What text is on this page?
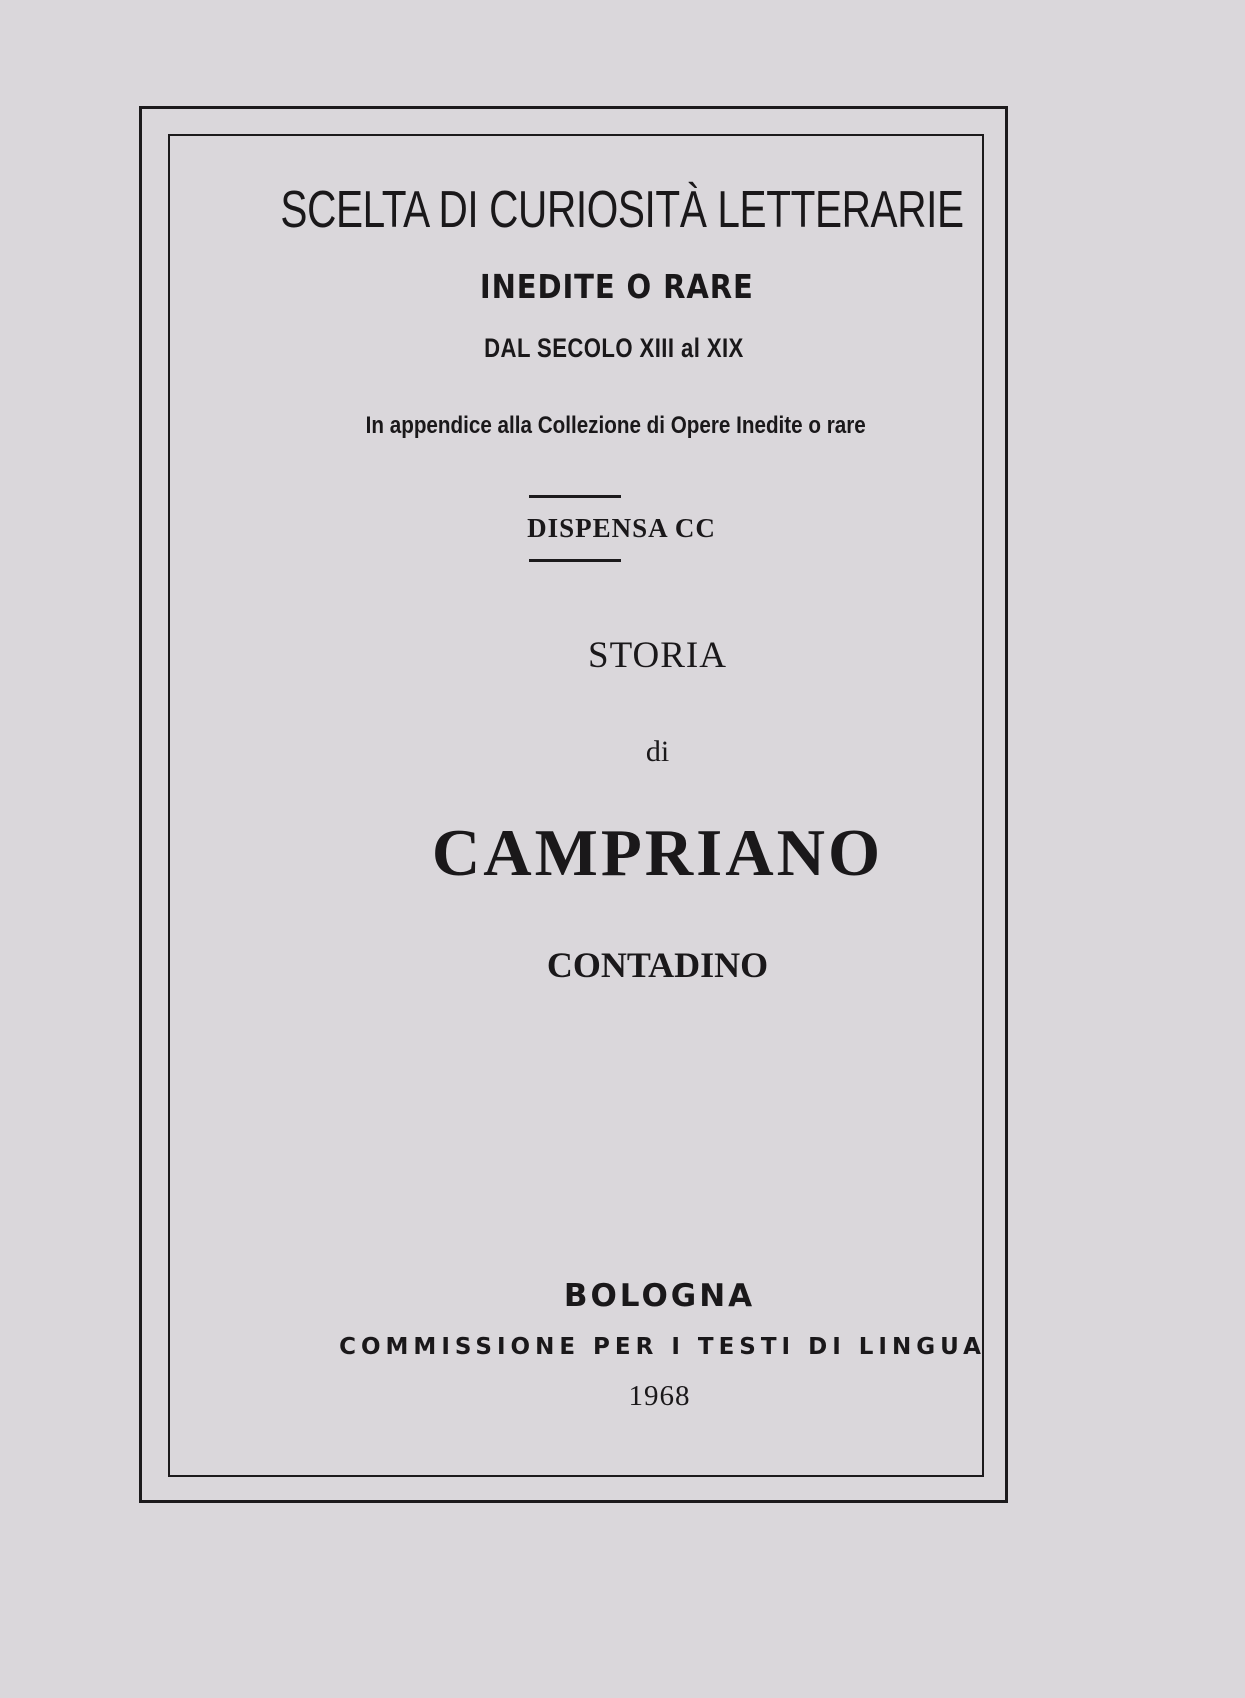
SCELTA DI CURIOSITÀ LETTERARIE
INEDITE O RARE
DAL SECOLO XIII al XIX
In appendice alla Collezione di Opere Inedite o rare
DISPENSA CC
STORIA
di
CAMPRIANO
CONTADINO
BOLOGNA
COMMISSIONE PER I TESTI DI LINGUA
1968
